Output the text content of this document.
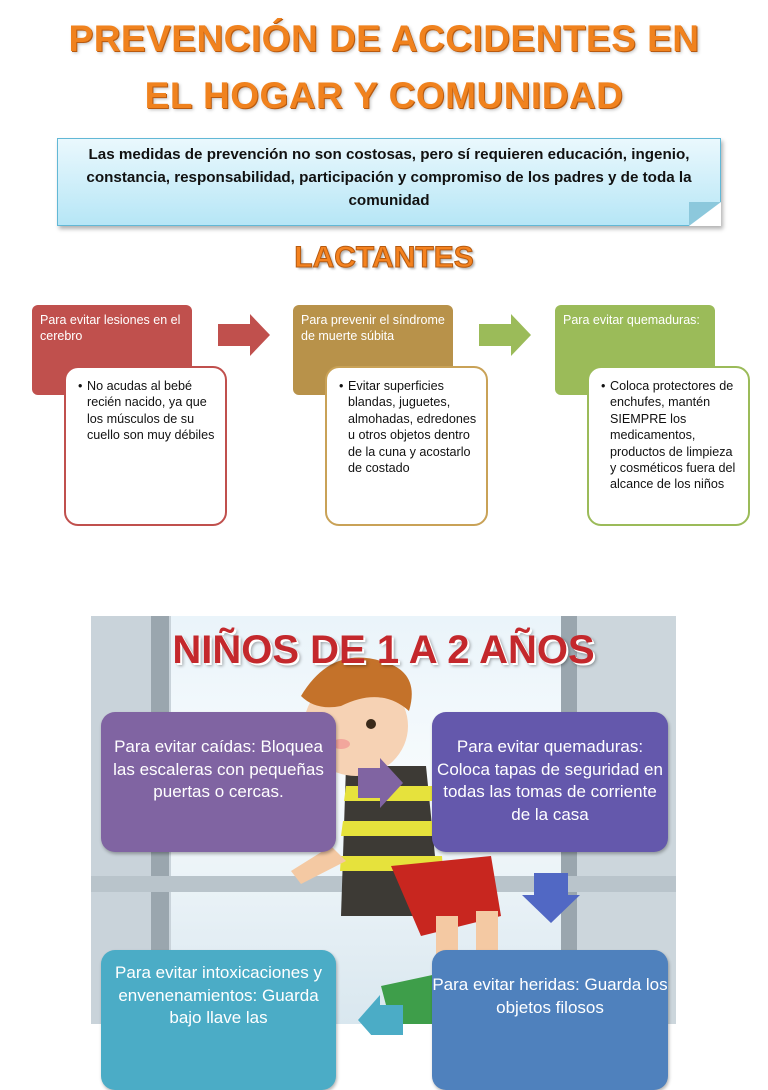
PREVENCIÓN DE ACCIDENTES EN
EL HOGAR Y COMUNIDAD
Las medidas de prevención no son costosas, pero sí requieren educación, ingenio, constancia, responsabilidad, participación y compromiso de los padres y de toda la comunidad
LACTANTES
Para evitar lesiones en el cerebro
• No acudas al bebé recién nacido, ya que los músculos de su cuello son muy débiles
Para prevenir el síndrome de muerte súbita
• Evitar superficies blandas, juguetes, almohadas, edredones u otros objetos dentro de la cuna y acostarlo de costado
Para evitar quemaduras:
• Coloca protectores de enchufes, mantén SIEMPRE los medicamentos, productos de limpieza y cosméticos fuera del alcance de los niños
NIÑOS DE 1 A 2 AÑOS
Para evitar caídas: Bloquea las escaleras con pequeñas puertas o cercas.
Para evitar quemaduras: Coloca tapas de seguridad en todas las tomas de corriente de la casa
Para evitar intoxicaciones y envenenamientos: Guarda bajo llave las
Para evitar heridas: Guarda los objetos filosos
